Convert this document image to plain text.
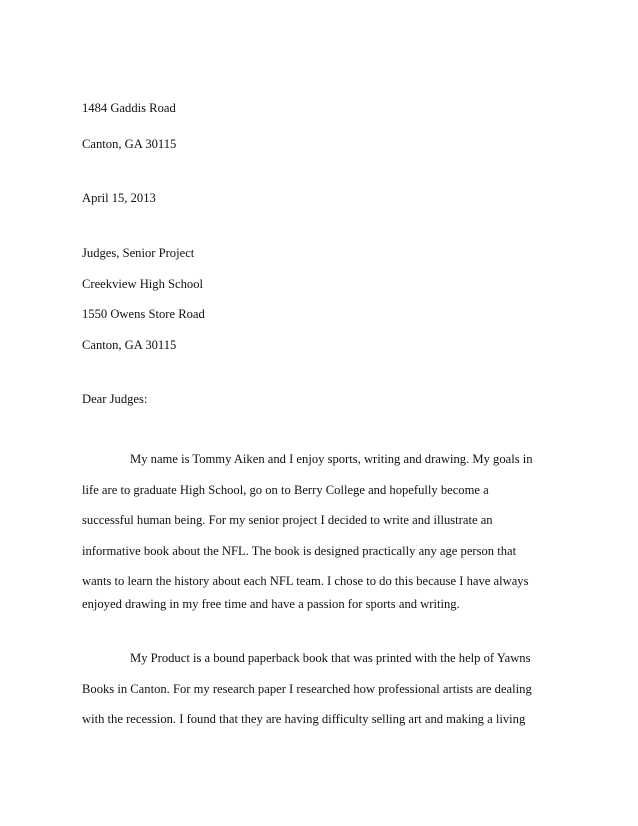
1484 Gaddis Road

Canton, GA 30115

April 15, 2013

Judges, Senior Project

Creekview High School

1550 Owens Store Road

Canton, GA 30115

Dear Judges:

My name is Tommy Aiken and I enjoy sports, writing and drawing. My goals in

life are to graduate High School, go on to Berry College and hopefully become a

successful human being. For my senior project I decided to write and illustrate an

informative book about the NFL. The book is designed practically any age person that

wants to learn the history about each NFL team. I chose to do this because I have always

enjoyed drawing in my free time and have a passion for sports and writing.

My Product is a bound paperback book that was printed with the help of Yawns

Books in Canton. For my research paper I researched how professional artists are dealing

with the recession. I found that they are having difficulty selling art and making a living
